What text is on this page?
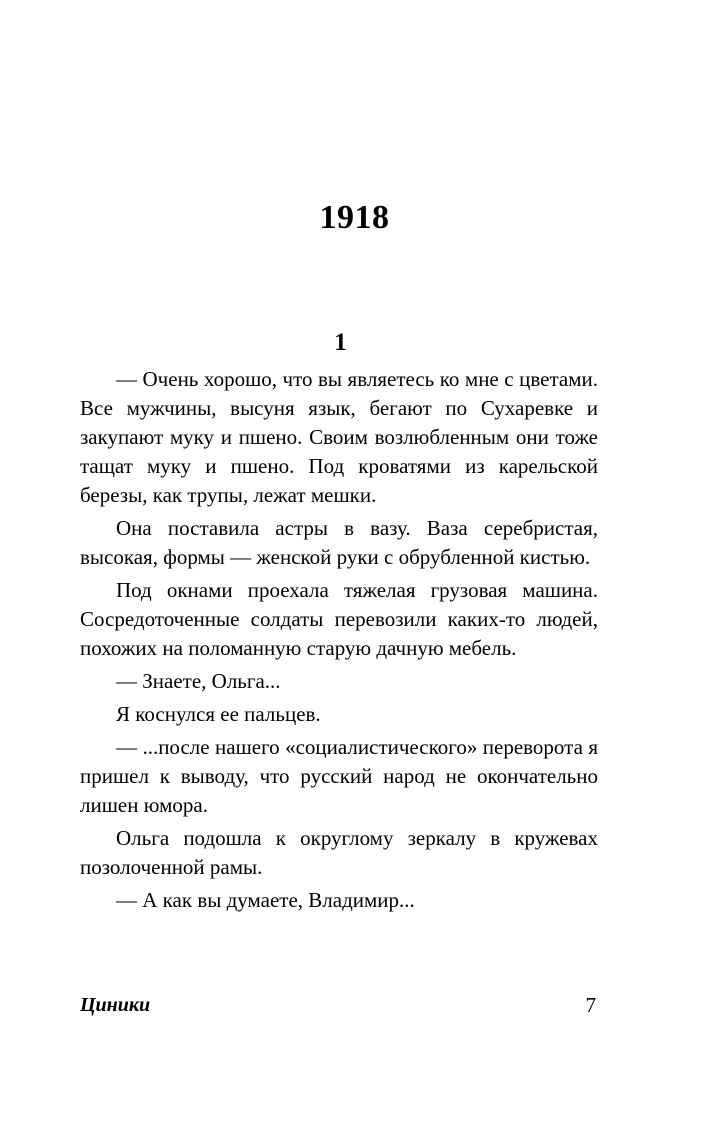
1918
1

— Очень хорошо, что вы являетесь ко мне с цветами. Все мужчины, высуня язык, бегают по Сухаревке и закупают муку и пшено. Своим возлюбленным они тоже тащат муку и пшено. Под кроватями из карельской березы, как трупы, лежат мешки.

Она поставила астры в вазу. Ваза серебристая, высокая, формы — женской руки с обрубленной кистью.

Под окнами проехала тяжелая грузовая машина. Сосредоточенные солдаты перевозили каких-то людей, похожих на поломанную старую дачную мебель.

— Знаете, Ольга...

Я коснулся ее пальцев.

— ...после нашего «социалистического» переворота я пришел к выводу, что русский народ не окончательно лишен юмора.

Ольга подошла к округлому зеркалу в кружевах позолоченной рамы.

— А как вы думаете, Владимир...

Циники	7
